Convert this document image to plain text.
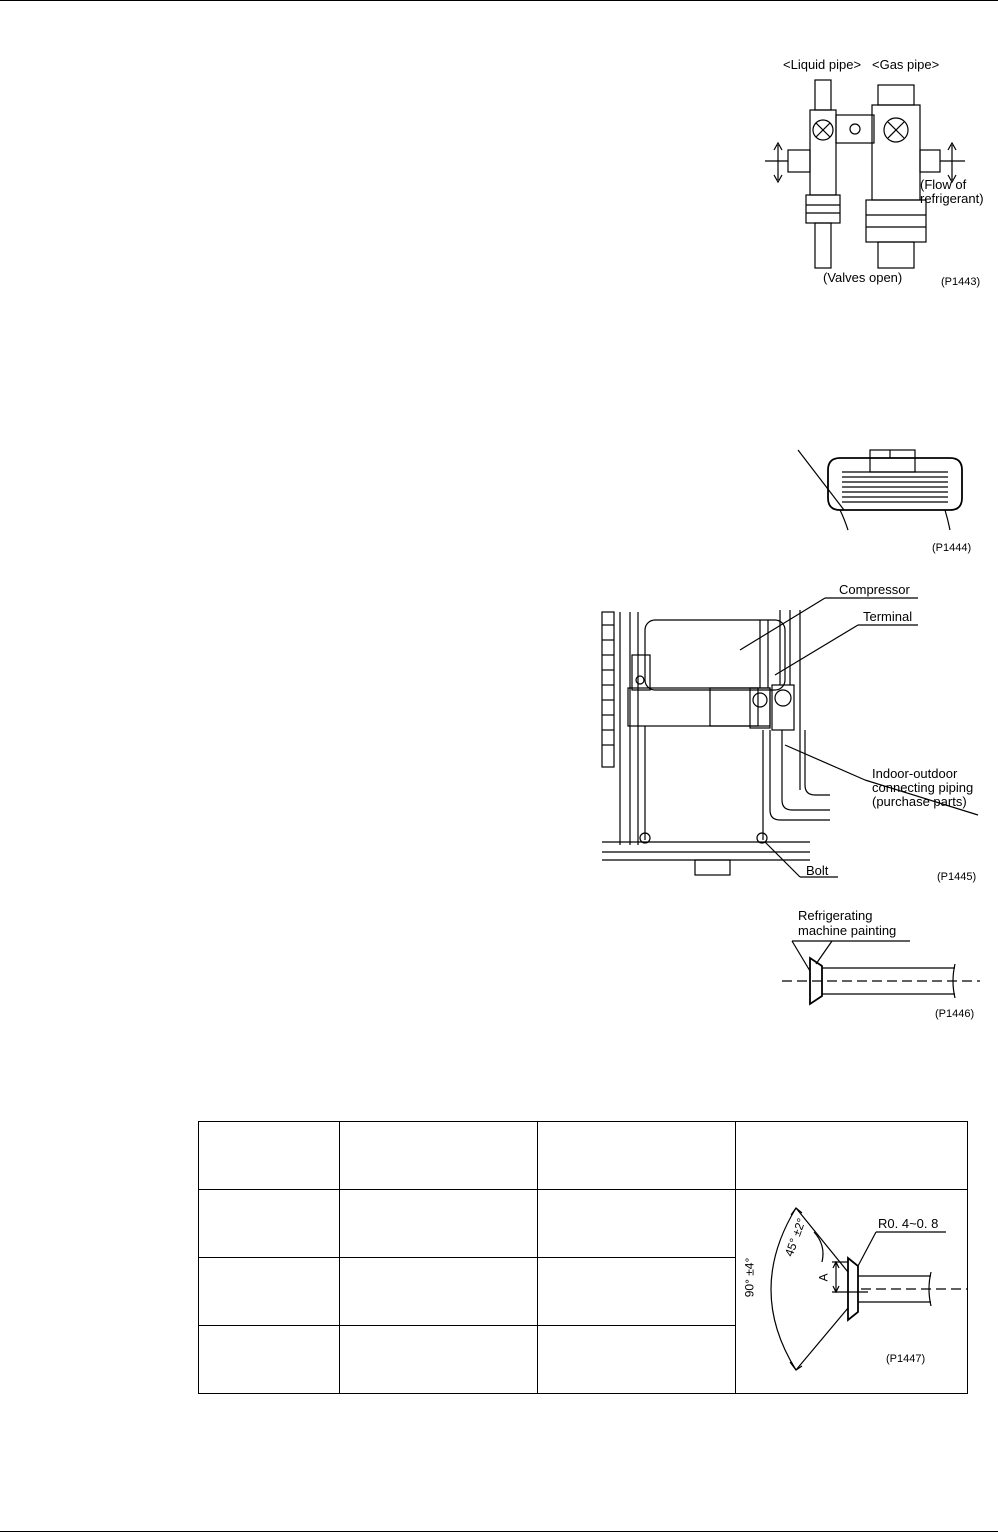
<Liquid pipe> <Gas pipe>
(Flow of
refrigerant)
(Valves open)	(P1443)
(P1444)
Compressor
Terminal
Indoor-outdoor
connecting piping
(purchase parts)
Bolt	(P1445)
Refrigerating
machine painting
(P1446)

			90° ±4°
45° ±2° R0. 4~0. 8
A
(P1447)
